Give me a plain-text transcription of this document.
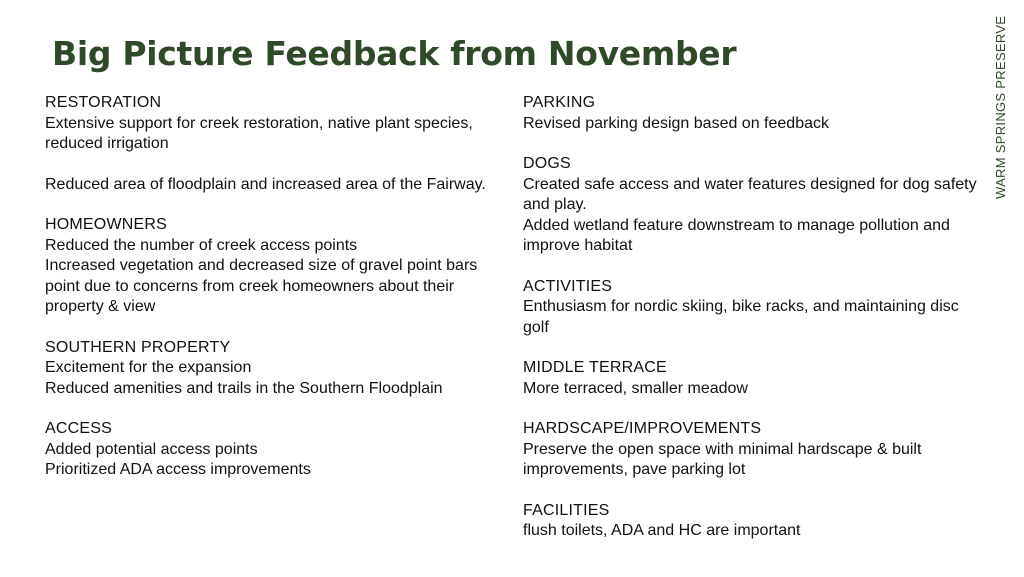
Big Picture Feedback from November	WARM SPRINGS PRESERVE
RESTORATION
Extensive support for creek restoration, native plant species, reduced irrigation
Reduced area of floodplain and increased area of the Fairway.
HOMEOWNERS
Reduced the number of creek access points
Increased vegetation and decreased size of gravel point bars point due to concerns from creek homeowners about their property & view
SOUTHERN PROPERTY
Excitement for the expansion
Reduced amenities and trails in the Southern Floodplain
ACCESS
Added potential access points
Prioritized ADA access improvements
PARKING
Revised parking design based on feedback
DOGS
Created safe access and water features designed for dog safety and play.
Added wetland feature downstream to manage pollution and improve habitat
ACTIVITIES
Enthusiasm for nordic skiing, bike racks, and maintaining disc golf
MIDDLE TERRACE
More terraced, smaller meadow
HARDSCAPE/IMPROVEMENTS
Preserve the open space with minimal hardscape & built improvements, pave parking lot
FACILITIES
flush toilets, ADA and HC are important
